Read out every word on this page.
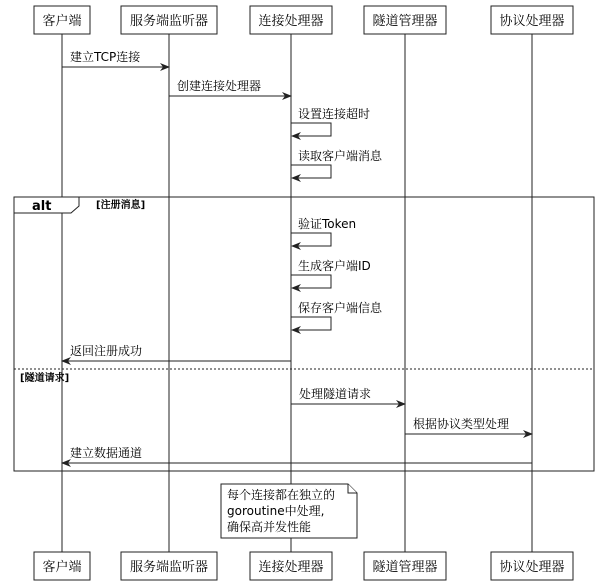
alt	[注册消息]
[隧道请求]
建立TCP连接
创建连接处理器
设置连接超时
读取客户端消息
验证Token
生成客户端ID
保存客户端信息
返回注册成功
处理隧道请求
根据协议类型处理
建立数据通道
客户端
客户端
服务端监听器
服务端监听器
连接处理器
连接处理器
隧道管理器
隧道管理器
协议处理器
协议处理器
每个连接都在独立的
goroutine中处理,
确保高并发性能
